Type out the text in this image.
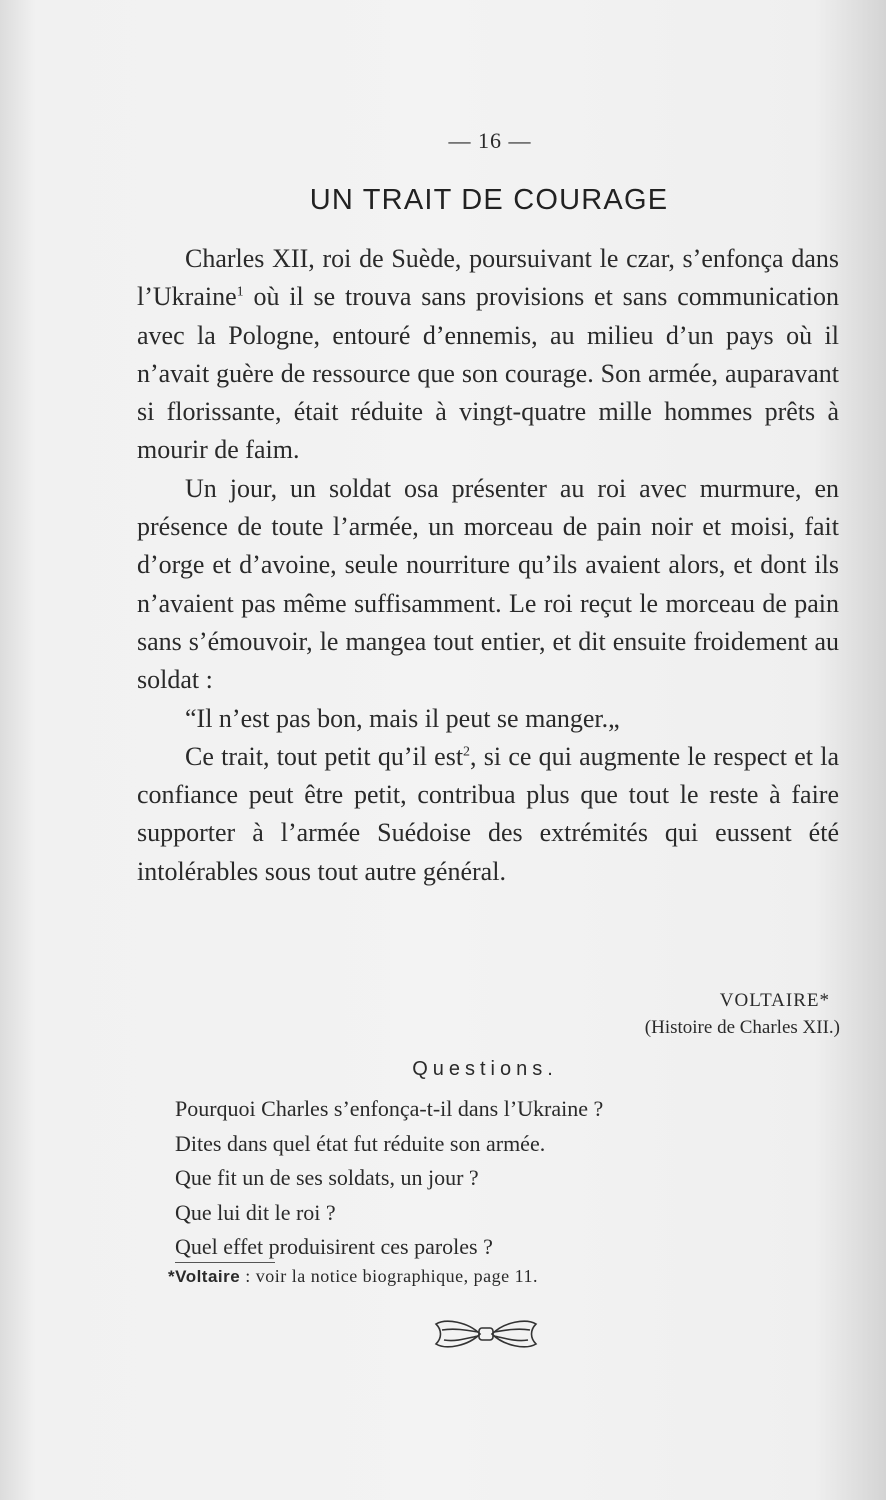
— 16 —
UN TRAIT DE COURAGE

Charles XII, roi de Suède, poursuivant le czar, s’enfonça dans l’Ukraine$^1$ où il se trouva sans provisions et sans communication avec la Pologne, entouré d’ennemis, au milieu d’un pays où il n’avait guère de ressource que son courage. Son armée, auparavant si florissante, était réduite à vingt-quatre mille hommes prêts à mourir de faim.

Un jour, un soldat osa présenter au roi avec murmure, en présence de toute l’armée, un morceau de pain noir et moisi, fait d’orge et d’avoine, seule nourriture qu’ils avaient alors, et dont ils n’avaient pas même suffisamment. Le roi reçut le morceau de pain sans s’émouvoir, le mangea tout entier, et dit ensuite froidement au soldat :

“Il n’est pas bon, mais il peut se manger.„

Ce trait, tout petit qu’il est$^2$, si ce qui augmente le respect et la confiance peut être petit, contribua plus que tout le reste à faire supporter à l’armée Suédoise des extrémités qui eussent été intolérables sous tout autre général.

VOLTAIRE*
(Histoire de Charles XII.)
Questions.
Pourquoi Charles s’enfonça-t-il dans l’Ukraine ?
Dites dans quel état fut réduite son armée.
Que fit un de ses soldats, un jour ?
Que lui dit le roi ?
Quel effet produisirent ces paroles ?
*Voltaire : voir la notice biographique, page 11.
